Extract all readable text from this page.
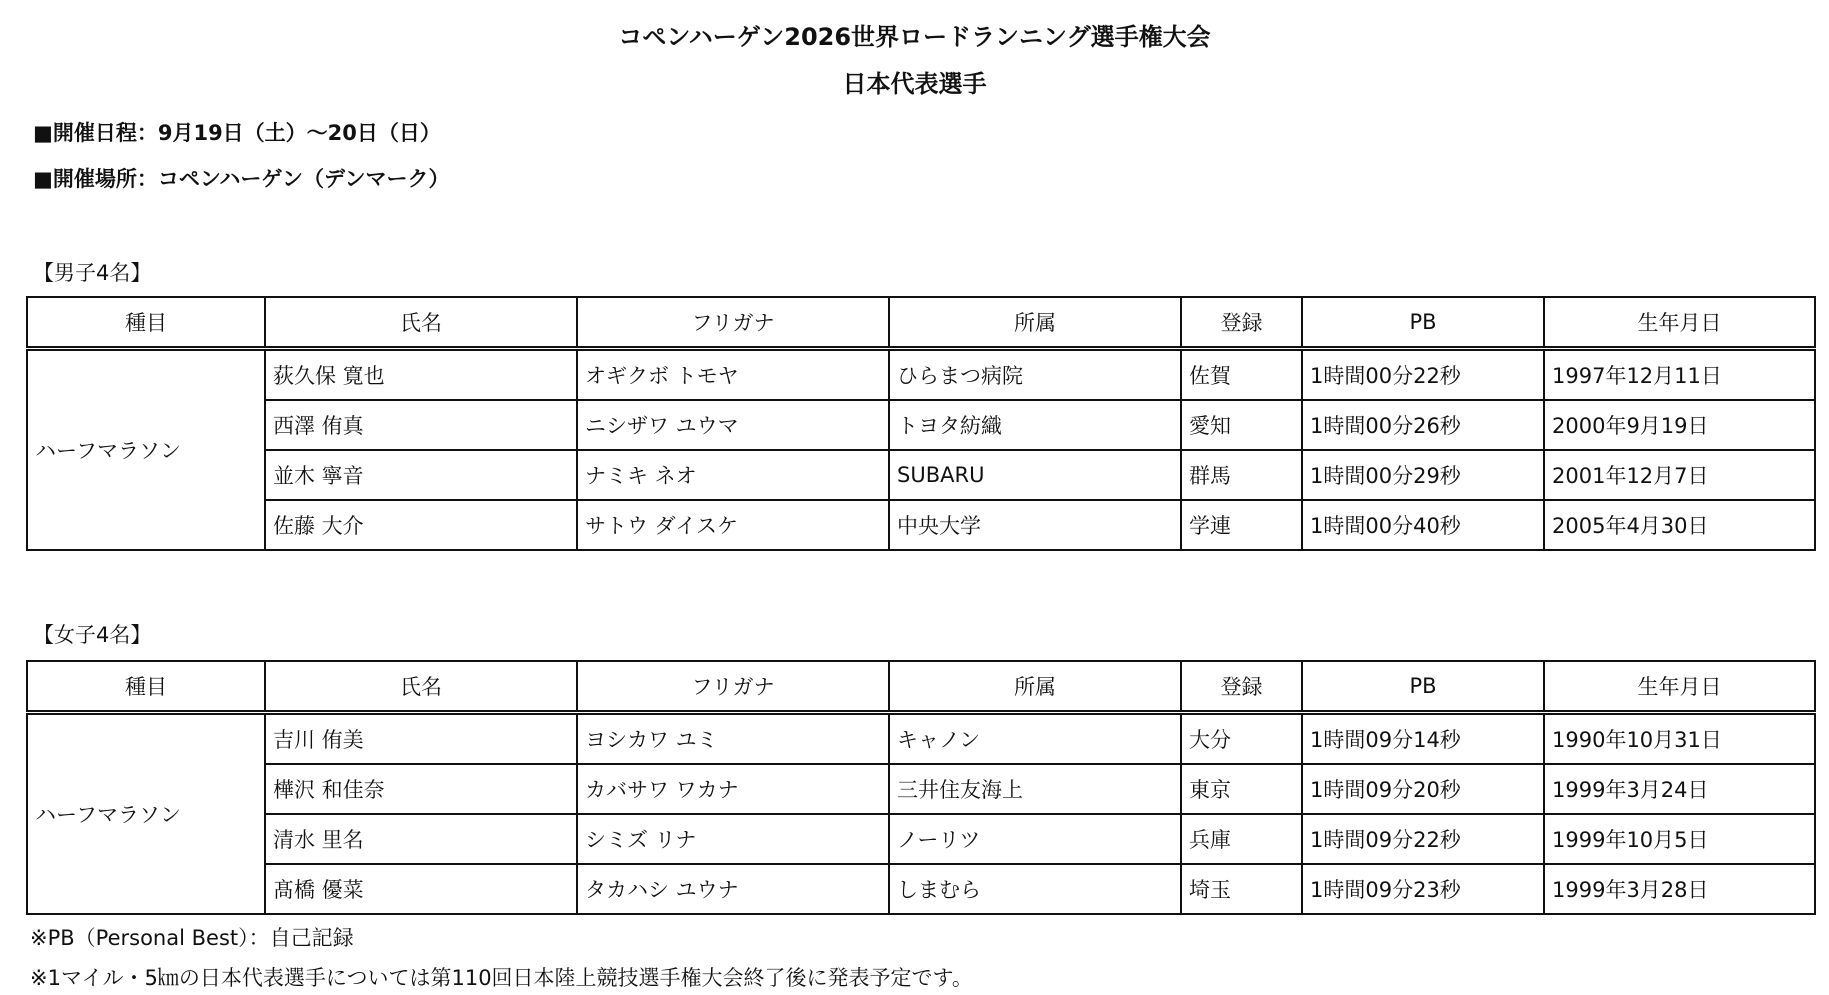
コペンハーゲン2026世界ロードランニング選手権大会
日本代表選手
■開催日程：9月19日（土）～20日（日）
■開催場所：コペンハーゲン（デンマーク）
【男子4名】
種目	氏名	フリガナ	所属	登録	PB	生年月日
ハーフマラソン	荻久保 寛也	オギクボ トモヤ	ひらまつ病院	佐賀	1時間00分22秒	1997年12月11日
	西澤 侑真	ニシザワ ユウマ	トヨタ紡織	愛知	1時間00分26秒	2000年9月19日
	並木 寧音	ナミキ ネオ	SUBARU	群馬	1時間00分29秒	2001年12月7日
	佐藤 大介	サトウ ダイスケ	中央大学	学連	1時間00分40秒	2005年4月30日
【女子4名】
種目	氏名	フリガナ	所属	登録	PB	生年月日
ハーフマラソン	吉川 侑美	ヨシカワ ユミ	キャノン	大分	1時間09分14秒	1990年10月31日
	樺沢 和佳奈	カバサワ ワカナ	三井住友海上	東京	1時間09分20秒	1999年3月24日
	清水 里名	シミズ リナ	ノーリツ	兵庫	1時間09分22秒	1999年10月5日
	髙橋 優菜	タカハシ ユウナ	しまむら	埼玉	1時間09分23秒	1999年3月28日
※PB（Personal Best）：自己記録
※1マイル・5㎞の日本代表選手については第110回日本陸上競技選手権大会終了後に発表予定です。
